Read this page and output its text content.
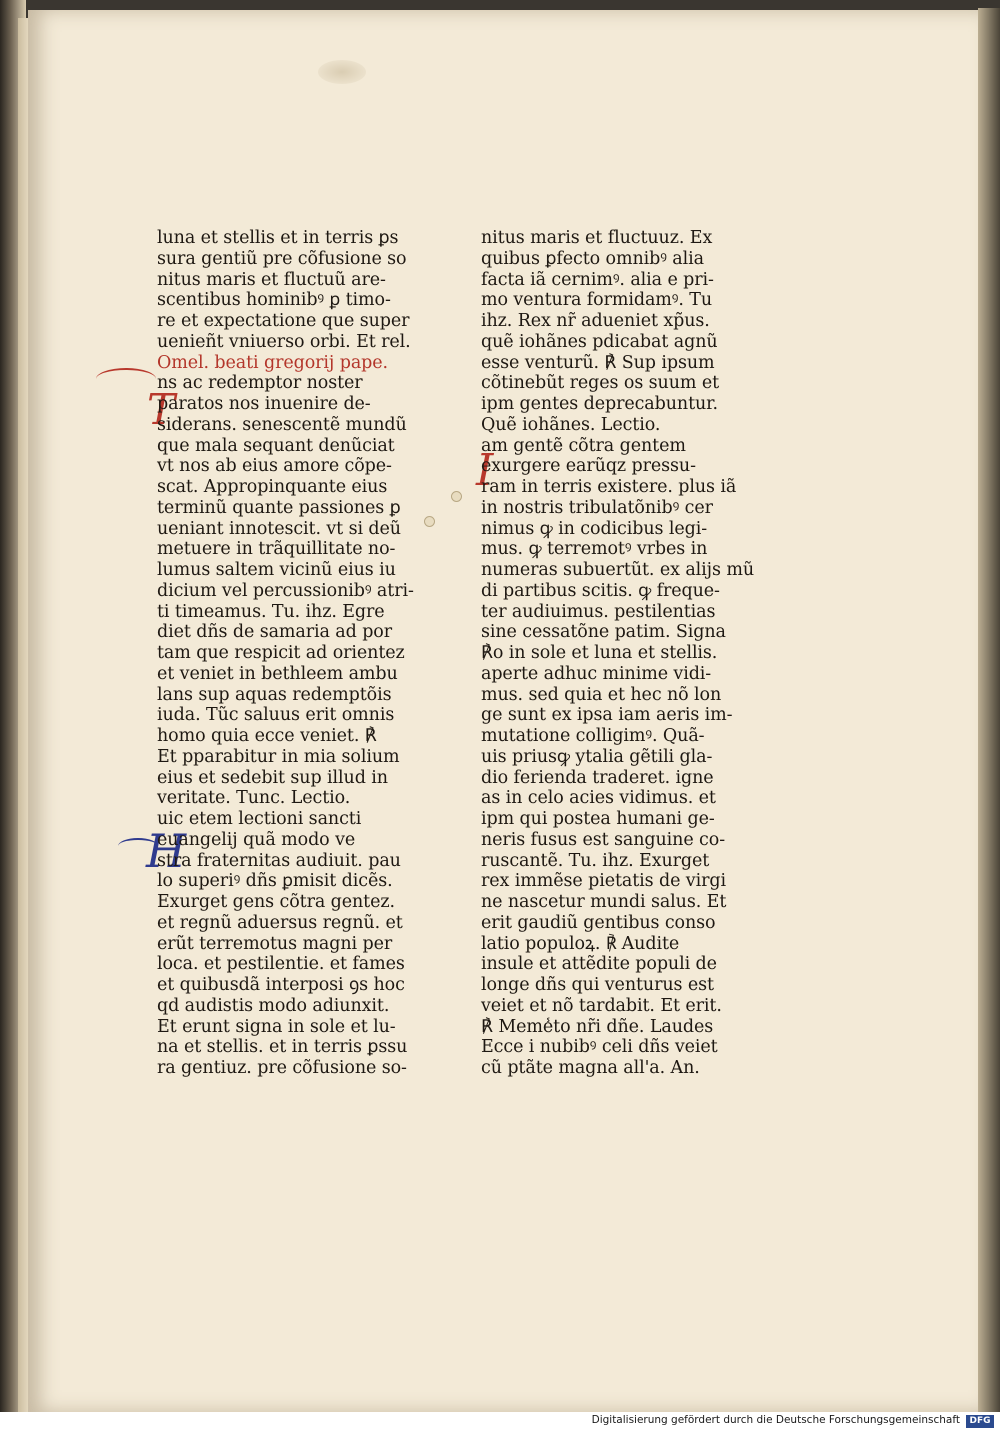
T
H
I
luna et stellis et in terris ꝑs
sura gentiũ pre cõfusione so
nitus maris et fluctuũ are-
scentibus hominibꝰ ꝑ timo-
re et expectatione que super
uenieñt vniuerso orbi. Et rel.
Omel. beati gregorij pape.
ns ac redemptor noster
paratos nos inuenire de-
siderans. senescentẽ mundũ
que mala sequant denũciat
vt nos ab eius amore cõpe-
scat. Appropinquante eius
terminũ quante passiones ꝑ
ueniant innotescit. vt si deũ
metuere in trãquillitate no-
lumus saltem vicinũ eius iu
dicium vel percussionibꝰ atri-
ti timeamus. Tu. ihz. Egre
diet dñs de samaria ad por
tam que respicit ad orientez
et veniet in bethleem ambu
lans sup aquas redemptõis
iuda. Tũc saluus erit omnis
homo quia ecce veniet. ℟
Et pparabitur in mia solium
eius et sedebit sup illud in
veritate. Tunc. Lectio.
uic etem lectioni sancti
euangelij quã modo ve
stra fraternitas audiuit. pau
lo superiꝰ dñs ꝑmisit dicẽs.
Exurget gens cõtra gentez.
et regnũ aduersus regnũ. et
erũt terremotus magni per
loca. et pestilentie. et fames
et quibusdã interposi ꝯs hoc
qd audistis modo adiunxit.
Et erunt signa in sole et lu-
na et stellis. et in terris ꝑssu
ra gentiuz. pre cõfusione so-
nitus maris et fluctuuz. Ex
quibus ꝑfecto omnibꝰ alia
facta iã cernimꝰ. alia e pri-
mo ventura formidamꝰ. Tu
ihz. Rex nr̃ adueniet xp̃us.
quẽ iohãnes pdicabat agnũ
esse venturũ. ℟ Sup ipsum
cõtinebũt reges os suum et
ipm gentes deprecabuntur.
Quẽ iohãnes. Lectio.
am gentẽ cõtra gentem
exurgere earũqz pressu-
ram in terris existere. plus iã
in nostris tribulatõnibꝰ cer
nimus ꝙ in codicibus legi-
mus. ꝙ terremotꝰ vrbes in
numeras subuertũt. ex alijs mũ
di partibus scitis. ꝙ freque-
ter audiuimus. pestilentias
sine cessatõne patim. Signa
℟o in sole et luna et stellis.
aperte adhuc minime vidi-
mus. sed quia et hec nõ lon
ge sunt ex ipsa iam aeris im-
mutatione colligimꝰ. Quã-
uis priusꝙ ytalia gẽtili gla-
dio ferienda traderet. igne
as in celo acies vidimus. et
ipm qui postea humani ge-
neris fusus est sanguine co-
ruscantẽ. Tu. ihz. Exurget
rex immẽse pietatis de virgi
ne nascetur mundi salus. Et
erit gaudiũ gentibus conso
latio populoꝝ. ℟ Audite
insule et attẽdite populi de
longe dñs qui venturus est
veiet et nõ tardabit. Et erit.
℟ Meme̾to nr̃i dñe. Laudes
Ecce i nubibꝰ celi dñs veiet
cũ ptãte magna all'a. An.
Digitalisierung gefördert durch die Deutsche Forschungsgemeinschaft	DFG
